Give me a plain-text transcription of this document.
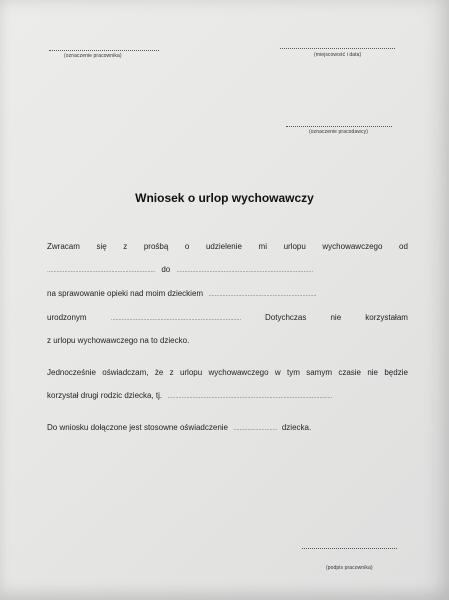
(oznaczenie pracownika)	(miejscowość i data)
(oznaczenie pracodawcy)
Wniosek o urlop wychowawczy
Zwracam się z prośbą o udzielenie mi urlopu wychowawczego od
…………………………………………………………… do ……………………………………………………………………………
na sprawowanie opieki nad moim dzieckiem ……………………………………………………………
urodzonym	…………………………………………………………………………	Dotychczas	nie	korzystałam
z urlopu wychowawczego na to dziecko.
Jednocześnie oświadczam, że z urlopu wychowawczego w tym samym czasie nie będzie
korzystał drugi rodzic dziecka, tj. ……………………………………………………………………………………………
Do wniosku dołączone jest stosowne oświadczenie ………………………. dziecka.
(podpis pracownika)
